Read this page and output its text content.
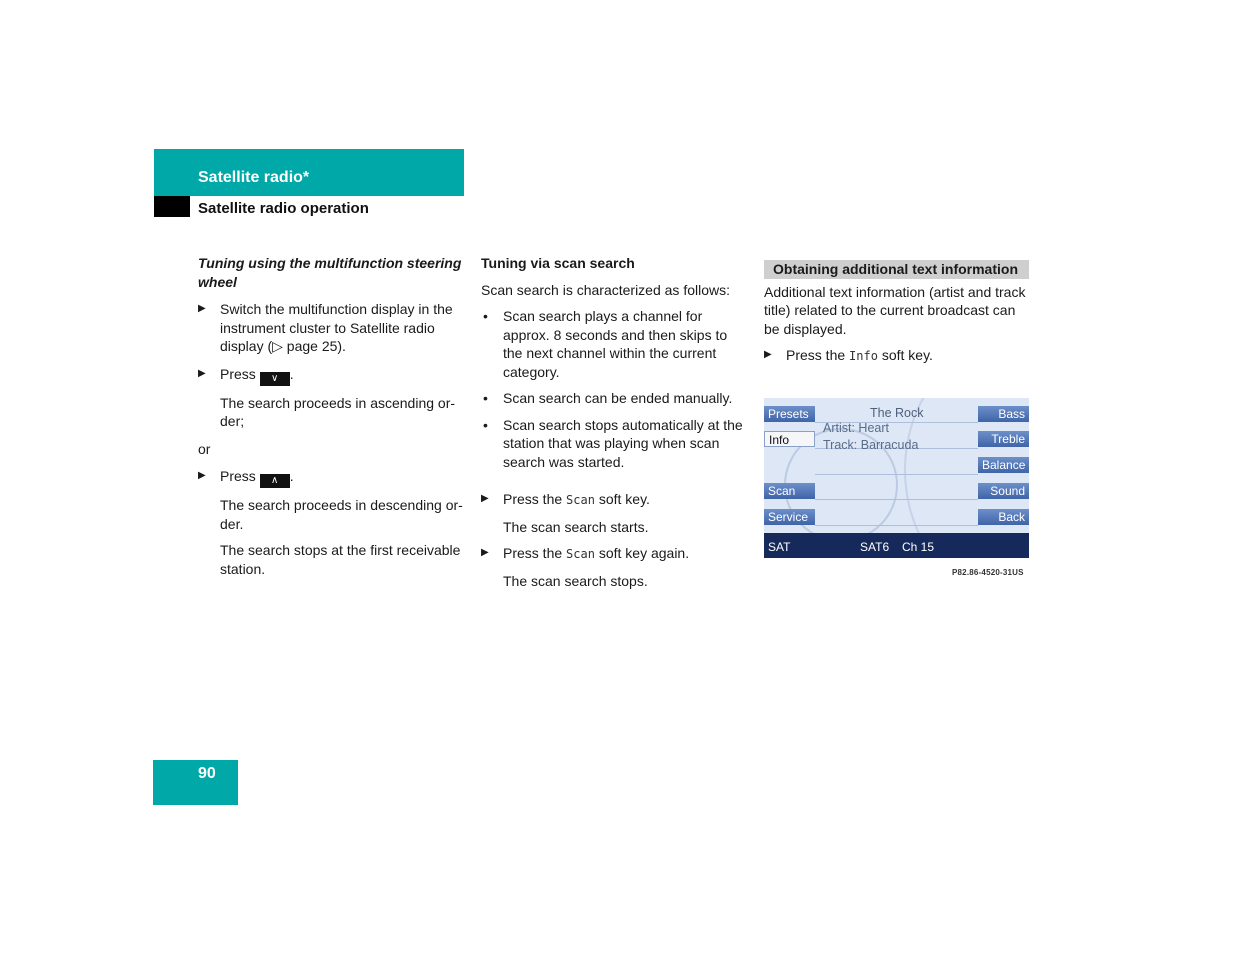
Satellite radio*
Satellite radio operation

Tuning using the multifunction steering wheel

▶ Switch the multifunction display in the instrument cluster to Satellite radio display (▷ page 25).
▶ Press ∨ .

The search proceeds in ascending or-der;

or

▶ Press ∧ .

The search proceeds in descending or-der.

The search stops at the first receivable station.

Tuning via scan search

Scan search is characterized as follows:

• Scan search plays a channel for approx. 8 seconds and then skips to the next channel within the current category.
• Scan search can be ended manually.
• Scan search stops automatically at the station that was playing when scan search was started.
▶ Press the Scan soft key.

The scan search starts.

▶ Press the Scan soft key again.

The scan search stops.

Obtaining additional text information

Additional text information (artist and track title) related to the current broadcast can be displayed.

▶ Press the Info soft key.
Presets
Info
Scan
Service
Bass
Treble
Balance
Sound
Back
The Rock
Artist: Heart
Track: Barracuda
SAT	SAT6 Ch 15
P82.86-4520-31US
90
